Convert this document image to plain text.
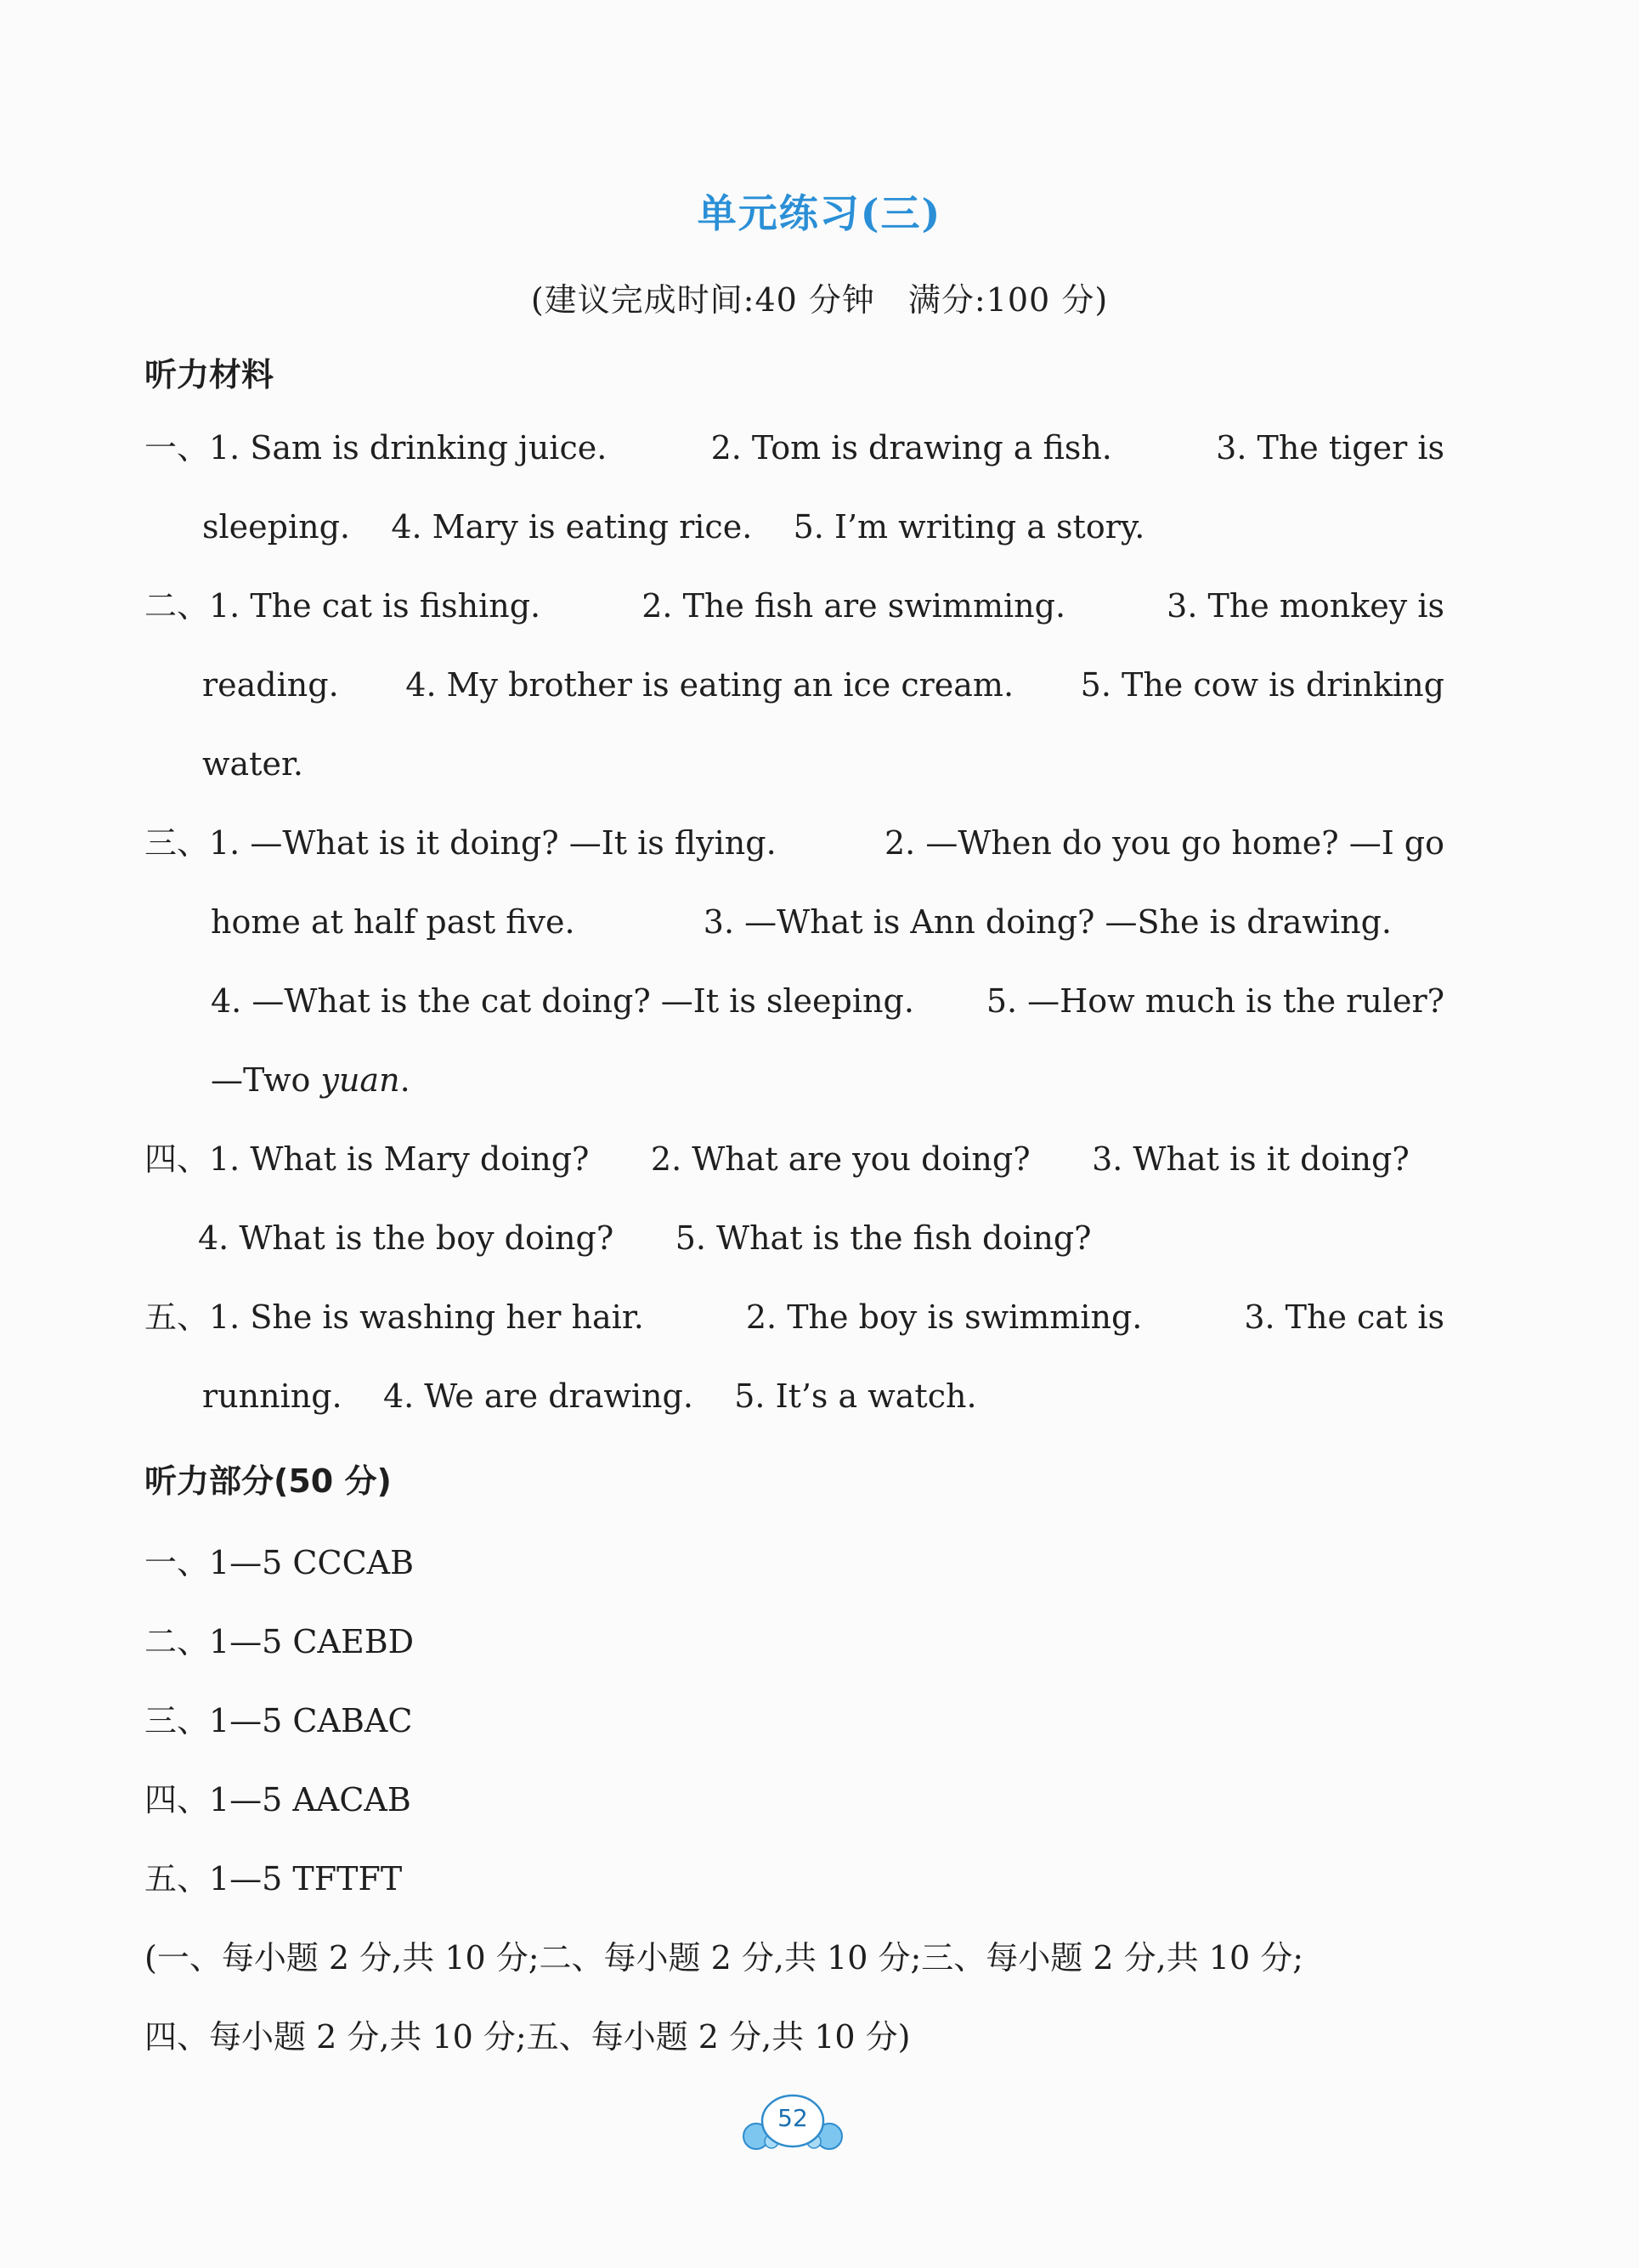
单元练习(三)
(建议完成时间:40 分钟　满分:100 分)
听力材料
一、1. Sam is drinking juice.	2. Tom is drawing a fish.	3. The tiger is
sleeping. 4. Mary is eating rice. 5. I’m writing a story.
二、1. The cat is fishing.	2. The fish are swimming.	3. The monkey is
reading. 4. My brother is eating an ice cream. 5. The cow is drinking
water.
三、1. —What is it doing? —It is flying.	2. —When do you go home? —I go
home at half past five.	3. —What is Ann doing? —She is drawing.
4. —What is the cat doing? —It is sleeping. 5. —How much is the ruler?
—Two yuan.
四、1. What is Mary doing? 2. What are you doing? 3. What is it doing?
4. What is the boy doing? 5. What is the fish doing?
五、1. She is washing her hair.	2. The boy is swimming.	3. The cat is
running. 4. We are drawing. 5. It’s a watch.
听力部分(50 分)
一、1—5 CCCAB
二、1—5 CAEBD
三、1—5 CABAC
四、1—5 AACAB
五、1—5 TFTFT
(一、每小题 2 分,共 10 分;二、每小题 2 分,共 10 分;三、每小题 2 分,共 10 分;
四、每小题 2 分,共 10 分;五、每小题 2 分,共 10 分)
52
